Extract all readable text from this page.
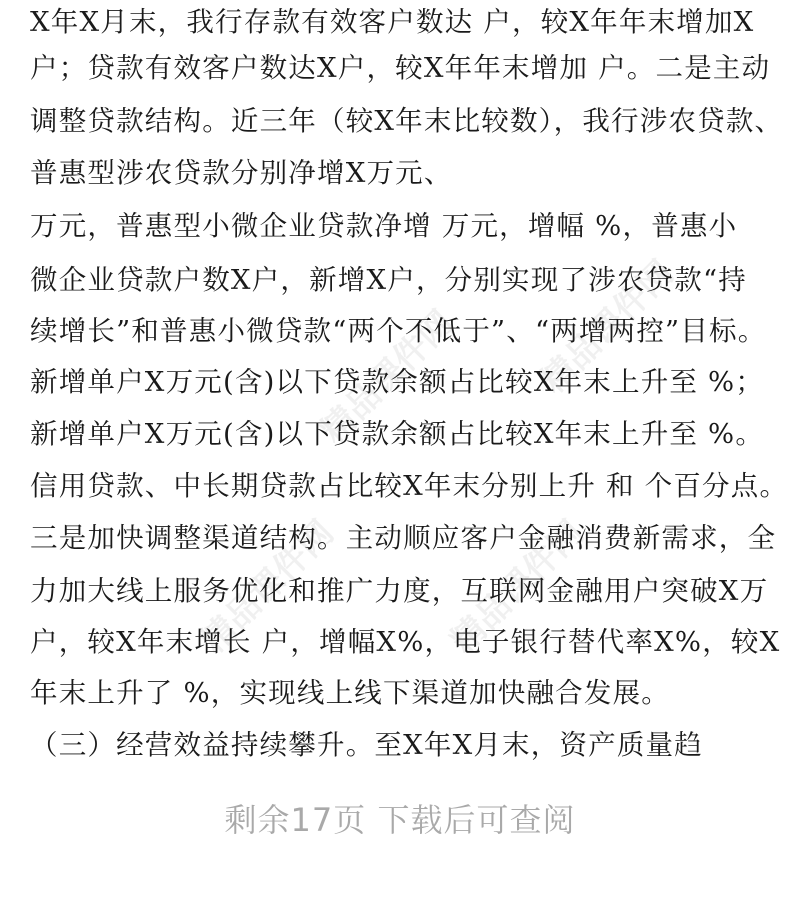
精品课件网 精品课件网
精品课件网
精品课件网
X年X月末，我行存款有效客户数达 户，较X年年末增加X
户；贷款有效客户数达X户，较X年年末增加 户。二是主动
调整贷款结构。近三年（较X年末比较数），我行涉农贷款、
普惠型涉农贷款分别净增X万元、
万元，普惠型小微企业贷款净增 万元，增幅 %，普惠小
微企业贷款户数X户，新增X户，分别实现了涉农贷款“持
续增长”和普惠小微贷款“两个不低于”、“两增两控”目标。
新增单户X万元(含)以下贷款余额占比较X年末上升至 %；
新增单户X万元(含)以下贷款余额占比较X年末上升至 %。
信用贷款、中长期贷款占比较X年末分别上升 和 个百分点。
三是加快调整渠道结构。主动顺应客户金融消费新需求，全
力加大线上服务优化和推广力度，互联网金融用户突破X万
户，较X年末增长 户，增幅X%，电子银行替代率X%，较X
年末上升了 %，实现线上线下渠道加快融合发展。
（三）经营效益持续攀升。至X年X月末，资产质量趋
剩余17页 下载后可查阅
